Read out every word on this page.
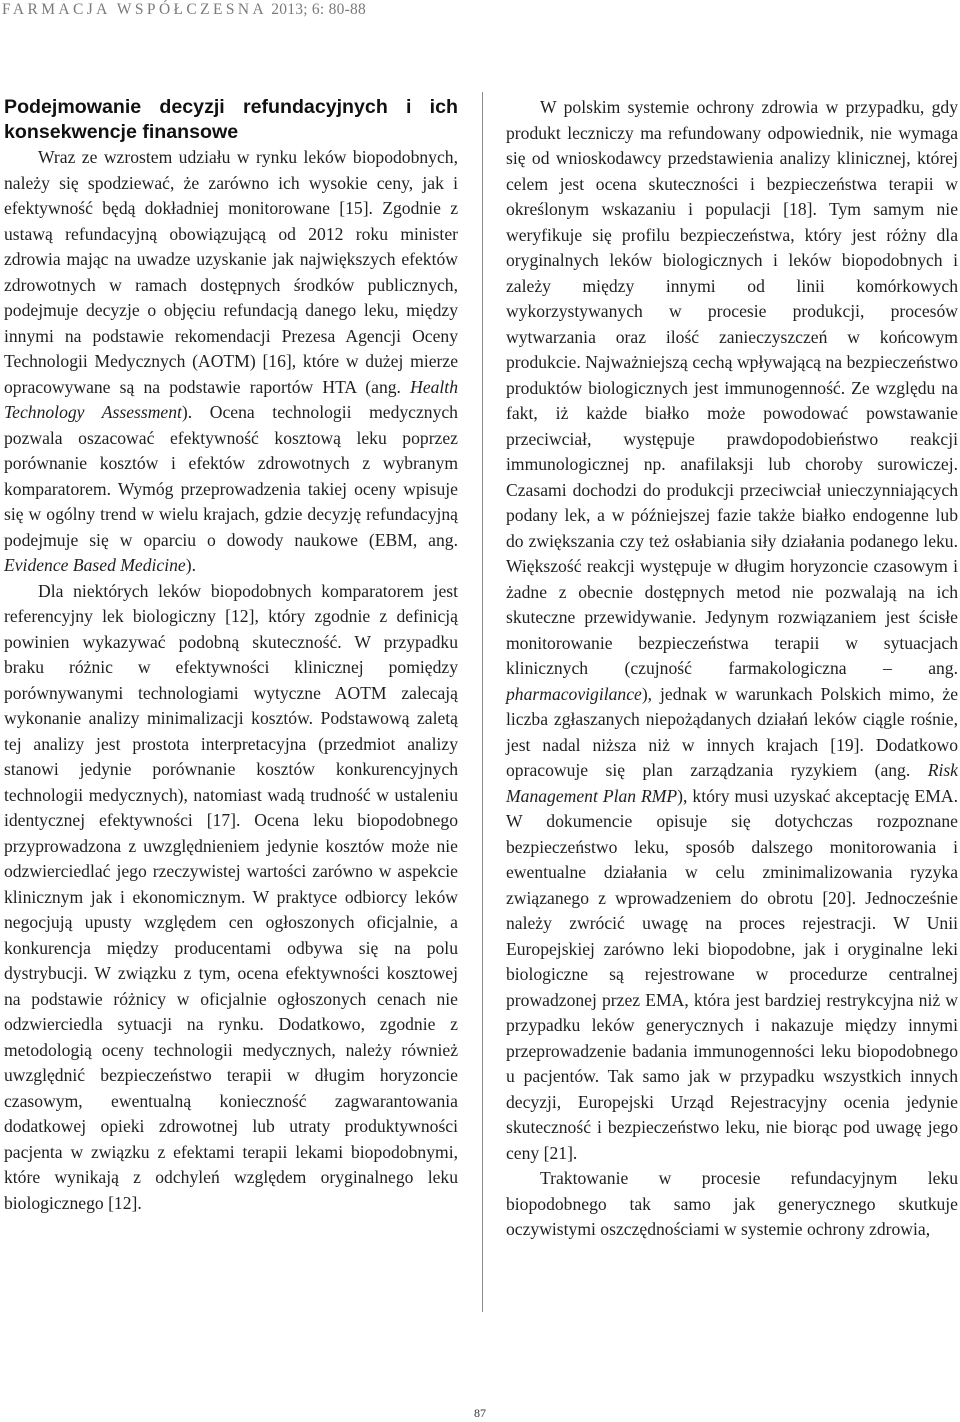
FARMACJA WSPÓŁCZESNA 2013; 6: 80-88
Podejmowanie decyzji refundacyjnych i ich konsekwencje finansowe

Wraz ze wzrostem udziału w rynku leków biopodobnych, należy się spodziewać, że zarówno ich wysokie ceny, jak i efektywność będą dokładniej monitorowane [15]. Zgodnie z ustawą refundacyjną obowiązującą od 2012 roku minister zdrowia mając na uwadze uzyskanie jak największych efektów zdrowotnych w ramach dostępnych środków publicznych, podejmuje decyzje o objęciu refundacją danego leku, między innymi na podstawie rekomendacji Prezesa Agencji Oceny Technologii Medycznych (AOTM) [16], które w dużej mierze opracowywane są na podstawie raportów HTA (ang. Health Technology Assessment). Ocena technologii medycznych pozwala oszacować efektywność kosztową leku poprzez porównanie kosztów i efektów zdrowotnych z wybranym komparatorem. Wymóg przeprowadzenia takiej oceny wpisuje się w ogólny trend w wielu krajach, gdzie decyzję refundacyjną podejmuje się w oparciu o dowody naukowe (EBM, ang. Evidence Based Medicine).

Dla niektórych leków biopodobnych komparatorem jest referencyjny lek biologiczny [12], który zgodnie z definicją powinien wykazywać podobną skuteczność. W przypadku braku różnic w efektywności klinicznej pomiędzy porównywanymi technologiami wytyczne AOTM zalecają wykonanie analizy minimalizacji kosztów. Podstawową zaletą tej analizy jest prostota interpretacyjna (przedmiot analizy stanowi jedynie porównanie kosztów konkurencyjnych technologii medycznych), natomiast wadą trudność w ustaleniu identycznej efektywności [17]. Ocena leku biopodobnego przyprowadzona z uwzględnieniem jedynie kosztów może nie odzwierciedlać jego rzeczywistej wartości zarówno w aspekcie klinicznym jak i ekonomicznym. W praktyce odbiorcy leków negocjują upusty względem cen ogłoszonych oficjalnie, a konkurencja między producentami odbywa się na polu dystrybucji. W związku z tym, ocena efektywności kosztowej na podstawie różnicy w oficjalnie ogłoszonych cenach nie odzwierciedla sytuacji na rynku. Dodatkowo, zgodnie z metodologią oceny technologii medycznych, należy również uwzględnić bezpieczeństwo terapii w długim horyzoncie czasowym, ewentualną konieczność zagwarantowania dodatkowej opieki zdrowotnej lub utraty produktywności pacjenta w związku z efektami terapii lekami biopodobnymi, które wynikają z odchyleń względem oryginalnego leku biologicznego [12].

W polskim systemie ochrony zdrowia w przypadku, gdy produkt leczniczy ma refundowany odpowiednik, nie wymaga się od wnioskodawcy przedstawienia analizy klinicznej, której celem jest ocena skuteczności i bezpieczeństwa terapii w określonym wskazaniu i populacji [18]. Tym samym nie weryfikuje się profilu bezpieczeństwa, który jest różny dla oryginalnych leków biologicznych i leków biopodobnych i zależy między innymi od linii komórkowych wykorzystywanych w procesie produkcji, procesów wytwarzania oraz ilość zanieczyszczeń w końcowym produkcie. Najważniejszą cechą wpływającą na bezpieczeństwo produktów biologicznych jest immunogenność. Ze względu na fakt, iż każde białko może powodować powstawanie przeciwciał, występuje prawdopodobieństwo reakcji immunologicznej np. anafilaksji lub choroby surowiczej. Czasami dochodzi do produkcji przeciwciał unieczynniających podany lek, a w późniejszej fazie także białko endogenne lub do zwiększania czy też osłabiania siły działania podanego leku. Większość reakcji występuje w długim horyzoncie czasowym i żadne z obecnie dostępnych metod nie pozwalają na ich skuteczne przewidywanie. Jedynym rozwiązaniem jest ścisłe monitorowanie bezpieczeństwa terapii w sytuacjach klinicznych (czujność farmakologiczna – ang. pharmacovigilance), jednak w warunkach Polskich mimo, że liczba zgłaszanych niepożądanych działań leków ciągle rośnie, jest nadal niższa niż w innych krajach [19]. Dodatkowo opracowuje się plan zarządzania ryzykiem (ang. Risk Management Plan RMP), który musi uzyskać akceptację EMA. W dokumencie opisuje się dotychczas rozpoznane bezpieczeństwo leku, sposób dalszego monitorowania i ewentualne działania w celu zminimalizowania ryzyka związanego z wprowadzeniem do obrotu [20]. Jednocześnie należy zwrócić uwagę na proces rejestracji. W Unii Europejskiej zarówno leki biopodobne, jak i oryginalne leki biologiczne są rejestrowane w procedurze centralnej prowadzonej przez EMA, która jest bardziej restrykcyjna niż w przypadku leków generycznych i nakazuje między innymi przeprowadzenie badania immunogenności leku biopodobnego u pacjentów. Tak samo jak w przypadku wszystkich innych decyzji, Europejski Urząd Rejestracyjny ocenia jedynie skuteczność i bezpieczeństwo leku, nie biorąc pod uwagę jego ceny [21].

Traktowanie w procesie refundacyjnym leku biopodobnego tak samo jak generycznego skutkuje oczywistymi oszczędnościami w systemie ochrony zdrowia,

87
